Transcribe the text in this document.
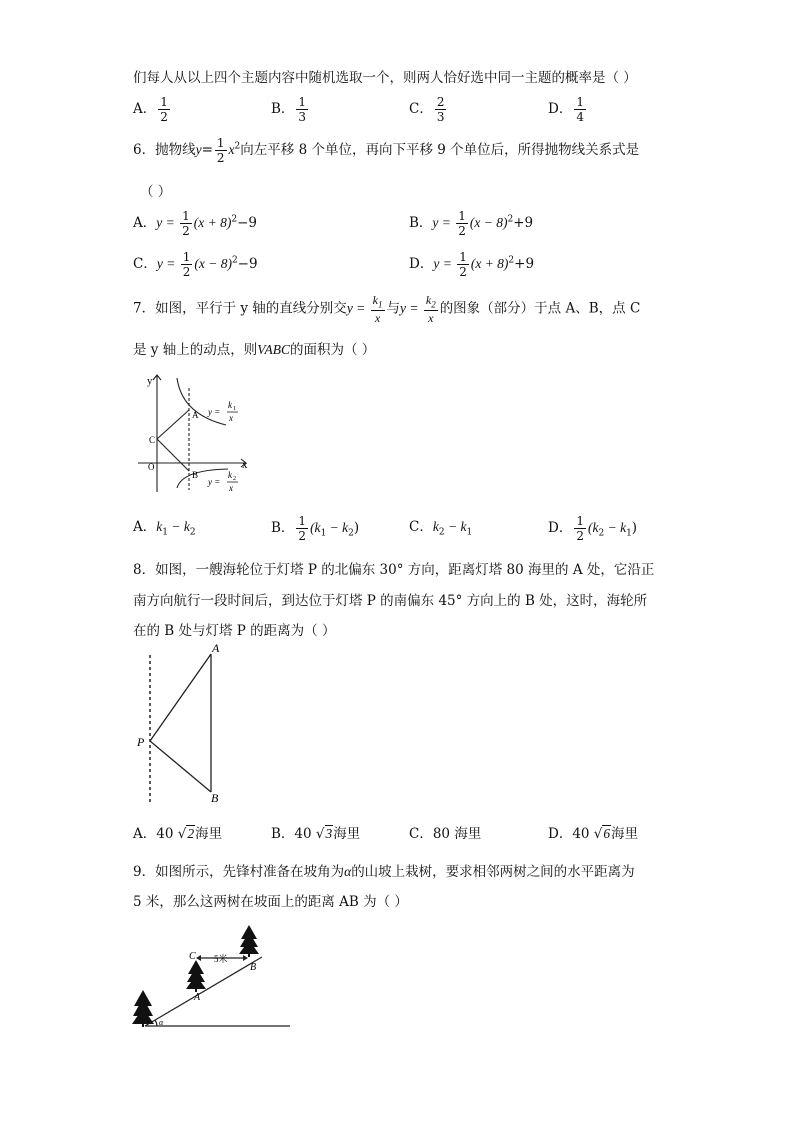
们每人从以上四个主题内容中随机选取一个，则两人恰好选中同一主题的概率是（ ）
A． $\frac{1}{2}$	B． $\frac{1}{3}$	C． $\frac{2}{3}$	D． $\frac{1}{4}$
6．抛物线$y= \frac{1}{2} x^2$向左平移 8 个单位，再向下平移 9 个单位后，所得抛物线关系式是
（ ）
A．$y = \frac{1}{2} (x + 8)^2-9$	B．$y = \frac{1}{2} (x - 8)^2+9$
C．$y = \frac{1}{2} (x - 8)^2-9$	D．$y = \frac{1}{2} (x + 8)^2+9$
7．如图，平行于 y 轴的直线分别交$y = \frac{k_1}{x}$ 与$y = \frac{k_2}{x}$ 的图象（部分）于点 A、B，点 C
是 y 轴上的动点，则VABC的面积为（ ）
y
x
O
A
B
C
y =
k 1
x
y =
k 2
x
A．$k_1 - k_2$	B． $\frac{1}{2} (k_1 - k_2)$	C．$k_2 - k_1$	D． $\frac{1}{2} (k_2 - k_1)$
8．如图，一艘海轮位于灯塔 P 的北偏东 30° 方向，距离灯塔 80 海里的 A 处，它沿正
南方向航行一段时间后，到达位于灯塔 P 的南偏东 45° 方向上的 B 处，这时，海轮所
在的 B 处与灯塔 P 的距离为（ ）
A
B
P
A．40 √2海里	B．40 √3海里	C．80 海里	D．40 √6海里
9．如图所示，先锋村准备在坡角为α的山坡上栽树，要求相邻两树之间的水平距离为
5 米，那么这两树在坡面上的距离 AB 为（ ）
C
A
B
5米
α
